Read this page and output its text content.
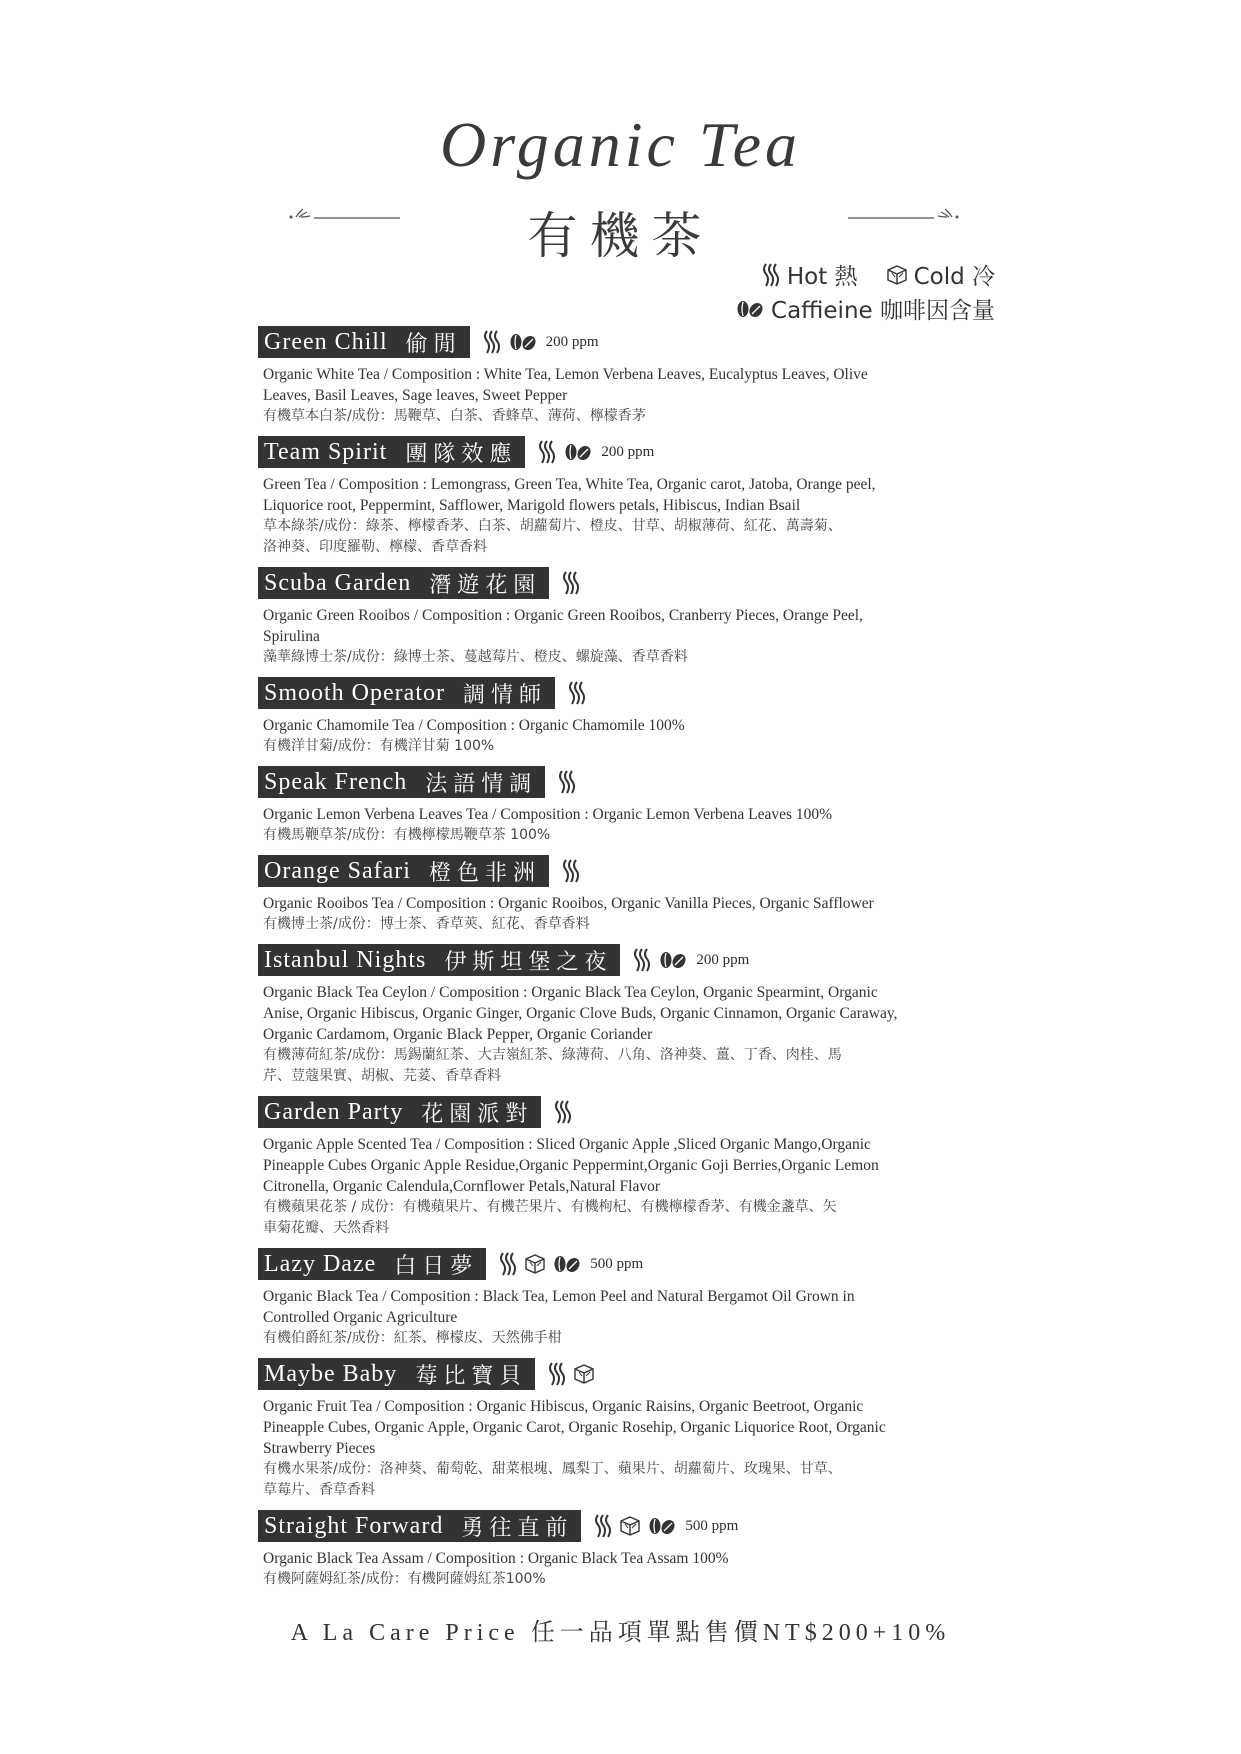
Organic Tea
有機茶
Hot 熱 Cold 冷
Caffieine 咖啡因含量
Green Chill 偷閒	200 ppm
Organic White Tea / Composition : White Tea, Lemon Verbena Leaves, Eucalyptus Leaves, Olive
Leaves, Basil Leaves, Sage leaves, Sweet Pepper
有機草本白茶/成份：馬鞭草、白茶、香蜂草、薄荷、檸檬香茅
Team Spirit 團隊效應	200 ppm
Green Tea / Composition : Lemongrass, Green Tea, White Tea, Organic carot, Jatoba, Orange peel,
Liquorice root, Peppermint, Safflower, Marigold flowers petals, Hibiscus, Indian Bsail
草本綠茶/成份：綠茶、檸檬香茅、白茶、胡蘿蔔片、橙皮、甘草、胡椒薄荷、紅花、萬壽菊、
洛神葵、印度羅勒、檸檬、香草香料
Scuba Garden 潛遊花園
Organic Green Rooibos / Composition : Organic Green Rooibos, Cranberry Pieces, Orange Peel,
Spirulina
藻華綠博士茶/成份：綠博士茶、蔓越莓片、橙皮、螺旋藻、香草香料
Smooth Operator 調情師
Organic Chamomile Tea / Composition : Organic Chamomile 100%
有機洋甘菊/成份：有機洋甘菊 100%
Speak French 法語情調
Organic Lemon Verbena Leaves Tea / Composition : Organic Lemon Verbena Leaves 100%
有機馬鞭草茶/成份：有機檸檬馬鞭草茶 100%
Orange Safari 橙色非洲
Organic Rooibos Tea / Composition : Organic Rooibos, Organic Vanilla Pieces, Organic Safflower
有機博士茶/成份：博士茶、香草莢、紅花、香草香料
Istanbul Nights 伊斯坦堡之夜	200 ppm
Organic Black Tea Ceylon / Composition : Organic Black Tea Ceylon, Organic Spearmint, Organic
Anise, Organic Hibiscus, Organic Ginger, Organic Clove Buds, Organic Cinnamon, Organic Caraway,
Organic Cardamom, Organic Black Pepper, Organic Coriander
有機薄荷紅茶/成份：馬錫蘭紅茶、大吉嶺紅茶、綠薄荷、八角、洛神葵、薑、丁香、肉桂、馬
芹、荳蔻果實、胡椒、芫荽、香草香料
Garden Party 花園派對
Organic Apple Scented Tea / Composition : Sliced Organic Apple ,Sliced Organic Mango,Organic
Pineapple Cubes Organic Apple Residue,Organic Peppermint,Organic Goji Berries,Organic Lemon
Citronella, Organic Calendula,Cornflower Petals,Natural Flavor
有機蘋果花茶 / 成份：有機蘋果片、有機芒果片、有機枸杞、有機檸檬香茅、有機金盞草、矢
車菊花瓣、天然香料
Lazy Daze 白日夢	500 ppm
Organic Black Tea / Composition : Black Tea, Lemon Peel and Natural Bergamot Oil Grown in
Controlled Organic Agriculture
有機伯爵紅茶/成份：紅茶、檸檬皮、天然佛手柑
Maybe Baby 莓比寶貝
Organic Fruit Tea / Composition : Organic Hibiscus, Organic Raisins, Organic Beetroot, Organic
Pineapple Cubes, Organic Apple, Organic Carot, Organic Rosehip, Organic Liquorice Root, Organic
Strawberry Pieces
有機水果茶/成份：洛神葵、葡萄乾、甜菜根塊、鳳梨丁、蘋果片、胡蘿蔔片、玫瑰果、甘草、
草莓片、香草香料
Straight Forward 勇往直前	500 ppm
Organic Black Tea Assam / Composition : Organic Black Tea Assam 100%
有機阿薩姆紅茶/成份：有機阿薩姆紅茶100%
A La Care Price 任一品項單點售價NT$200+10%
